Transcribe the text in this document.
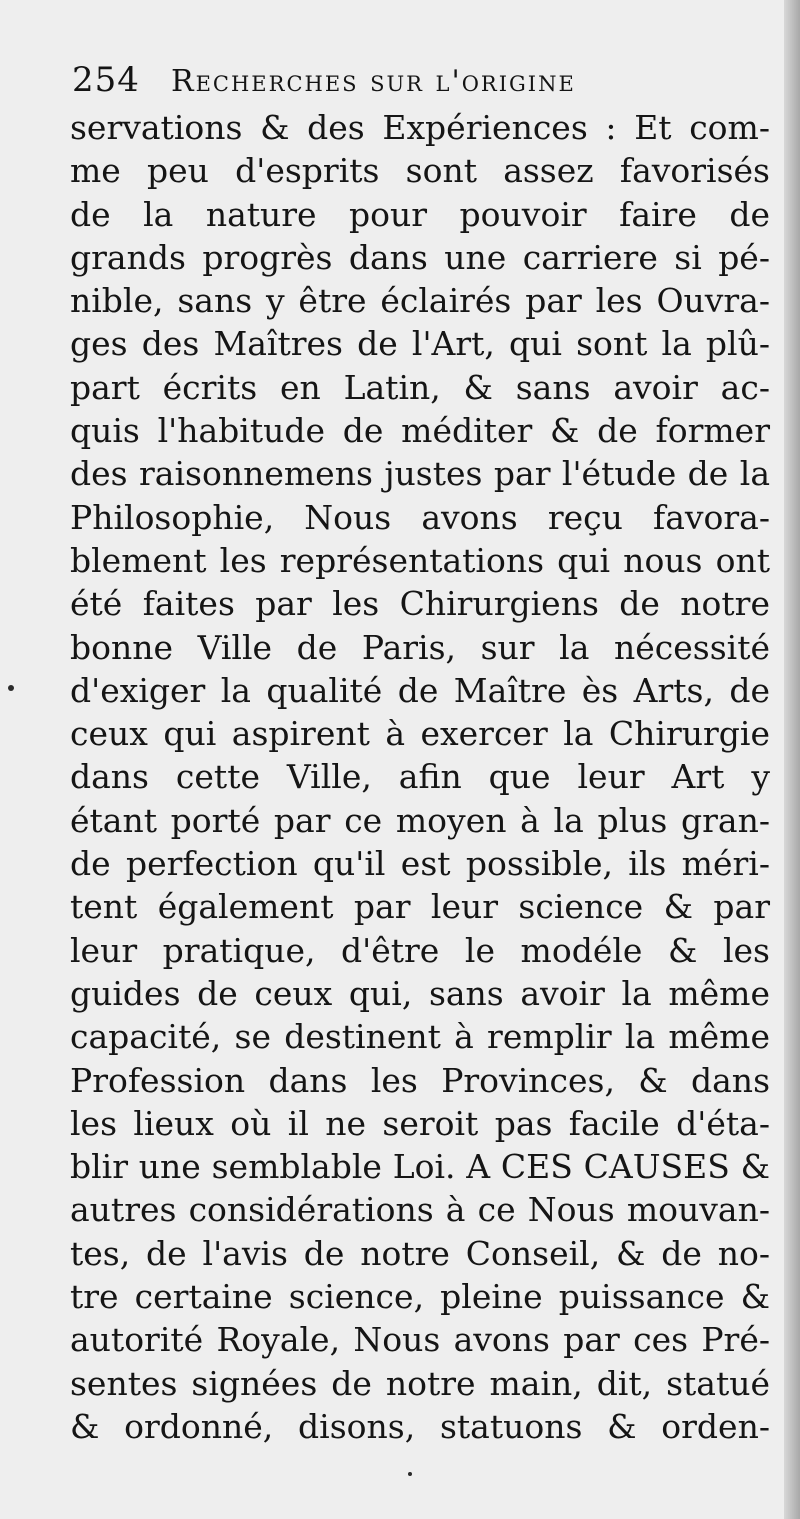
254 Recherches sur l'origine
servations & des Expériences : Et com-
me peu d'esprits sont assez favorisés
de la nature pour pouvoir faire de
grands progrès dans une carriere si pé-
nible, sans y être éclairés par les Ouvra-
ges des Maîtres de l'Art, qui sont la plû-
part écrits en Latin, & sans avoir ac-
quis l'habitude de méditer & de former
des raisonnemens justes par l'étude de la
Philosophie, Nous avons reçu favora-
blement les représentations qui nous ont
été faites par les Chirurgiens de notre
bonne Ville de Paris, sur la nécessité
d'exiger la qualité de Maître ès Arts, de
ceux qui aspirent à exercer la Chirurgie
dans cette Ville, afin que leur Art y
étant porté par ce moyen à la plus gran-
de perfection qu'il est possible, ils méri-
tent également par leur science & par
leur pratique, d'être le modéle & les
guides de ceux qui, sans avoir la même
capacité, se destinent à remplir la même
Profession dans les Provinces, & dans
les lieux où il ne seroit pas facile d'éta-
blir une semblable Loi. A CES CAUSES &
autres considérations à ce Nous mouvan-
tes, de l'avis de notre Conseil, & de no-
tre certaine science, pleine puissance &
autorité Royale, Nous avons par ces Pré-
sentes signées de notre main, dit, statué
& ordonné, disons, statuons & orden-
